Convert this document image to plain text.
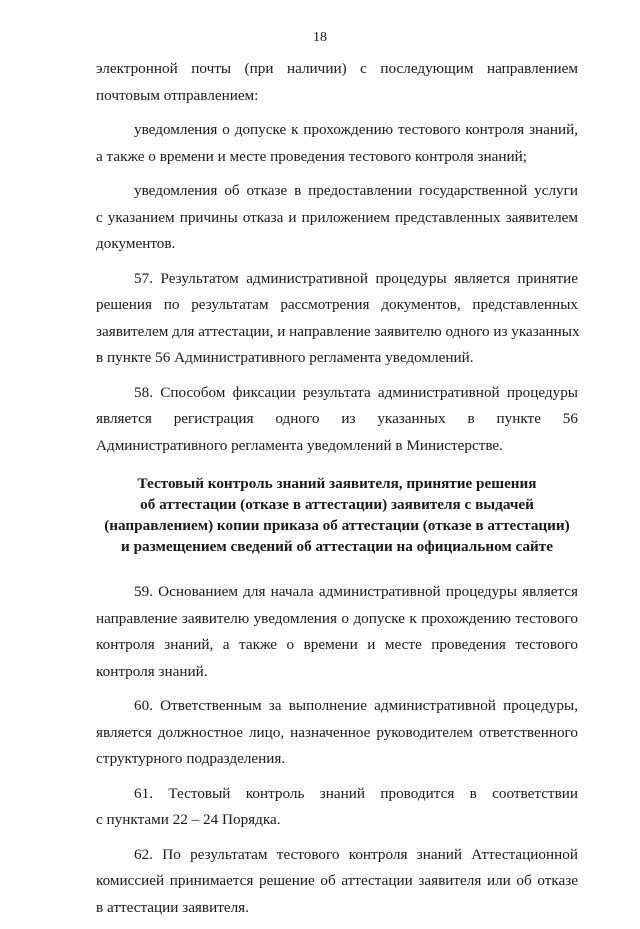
18
электронной почты (при наличии) с последующим направлением
почтовым отправлением:
уведомления о допуске к прохождению тестового контроля знаний,
а также о времени и месте проведения тестового контроля знаний;
уведомления об отказе в предоставлении государственной услуги
с указанием причины отказа и приложением представленных заявителем
документов.
57. Результатом административной процедуры является принятие
решения по результатам рассмотрения документов, представленных
заявителем для аттестации, и направление заявителю одного из указанных
в пункте 56 Административного регламента уведомлений.
58. Способом фиксации результата административной процедуры
является регистрация одного из указанных в пункте 56
Административного регламента уведомлений в Министерстве.
Тестовый контроль знаний заявителя, принятие решения
об аттестации (отказе в аттестации) заявителя с выдачей
(направлением) копии приказа об аттестации (отказе в аттестации)
и размещением сведений об аттестации на официальном сайте
59. Основанием для начала административной процедуры является
направление заявителю уведомления о допуске к прохождению тестового
контроля знаний, а также о времени и месте проведения тестового
контроля знаний.
60. Ответственным за выполнение административной процедуры,
является должностное лицо, назначенное руководителем ответственного
структурного подразделения.
61. Тестовый контроль знаний проводится в соответствии
с пунктами 22 – 24 Порядка.
62. По результатам тестового контроля знаний Аттестационной
комиссией принимается решение об аттестации заявителя или об отказе
в аттестации заявителя.
